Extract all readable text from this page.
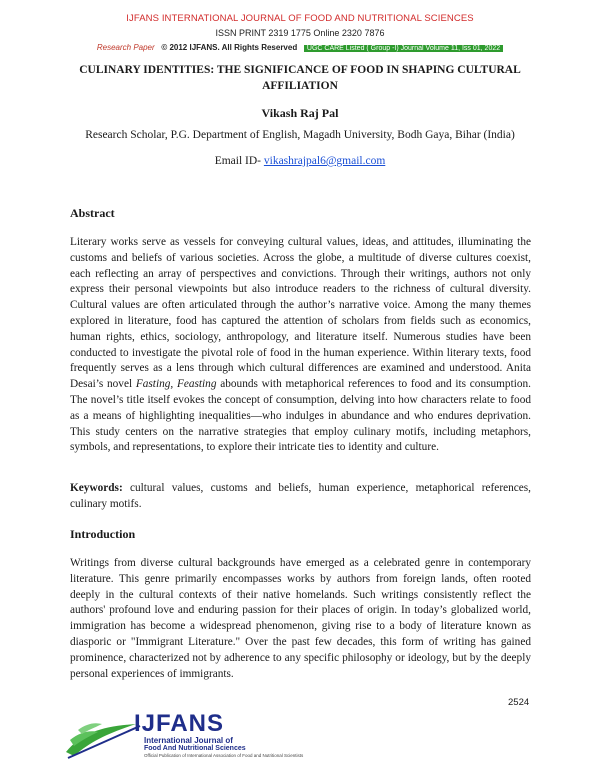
IJFANS INTERNATIONAL JOURNAL OF FOOD AND NUTRITIONAL SCIENCES
ISSN PRINT 2319 1775 Online 2320 7876
Research Paper © 2012 IJFANS. All Rights Reserved UGC CARE Listed ( Group -I) Journal Volume 11, Iss 01, 2022
CULINARY IDENTITIES: THE SIGNIFICANCE OF FOOD IN SHAPING CULTURAL AFFILIATION
Vikash Raj Pal
Research Scholar, P.G. Department of English, Magadh University, Bodh Gaya, Bihar (India)
Email ID- vikashrajpal6@gmail.com
Abstract

Literary works serve as vessels for conveying cultural values, ideas, and attitudes, illuminating the customs and beliefs of various societies. Across the globe, a multitude of diverse cultures coexist, each reflecting an array of perspectives and convictions. Through their writings, authors not only express their personal viewpoints but also introduce readers to the richness of cultural diversity. Cultural values are often articulated through the author’s narrative voice. Among the many themes explored in literature, food has captured the attention of scholars from fields such as economics, human rights, ethics, sociology, anthropology, and literature itself. Numerous studies have been conducted to investigate the pivotal role of food in the human experience. Within literary texts, food frequently serves as a lens through which cultural differences are examined and understood. Anita Desai’s novel Fasting, Feasting abounds with metaphorical references to food and its consumption. The novel’s title itself evokes the concept of consumption, delving into how characters relate to food as a means of highlighting inequalities—who indulges in abundance and who endures deprivation. This study centers on the narrative strategies that employ culinary motifs, including metaphors, symbols, and representations, to explore their intricate ties to identity and culture.

Keywords: cultural values, customs and beliefs, human experience, metaphorical references, culinary motifs.

Introduction

Writings from diverse cultural backgrounds have emerged as a celebrated genre in contemporary literature. This genre primarily encompasses works by authors from foreign lands, often rooted deeply in the cultural contexts of their native homelands. Such writings consistently reflect the authors' profound love and enduring passion for their places of origin. In today’s globalized world, immigration has become a widespread phenomenon, giving rise to a body of literature known as diasporic or "Immigrant Literature." Over the past few decades, this form of writing has gained prominence, characterized not by adherence to any specific philosophy or ideology, but by the deeply personal experiences of immigrants.

2524
IJFANS
International Journal of
Food And Nutritional Sciences
Official Publication of International Association of Food and Nutritional Scientists
